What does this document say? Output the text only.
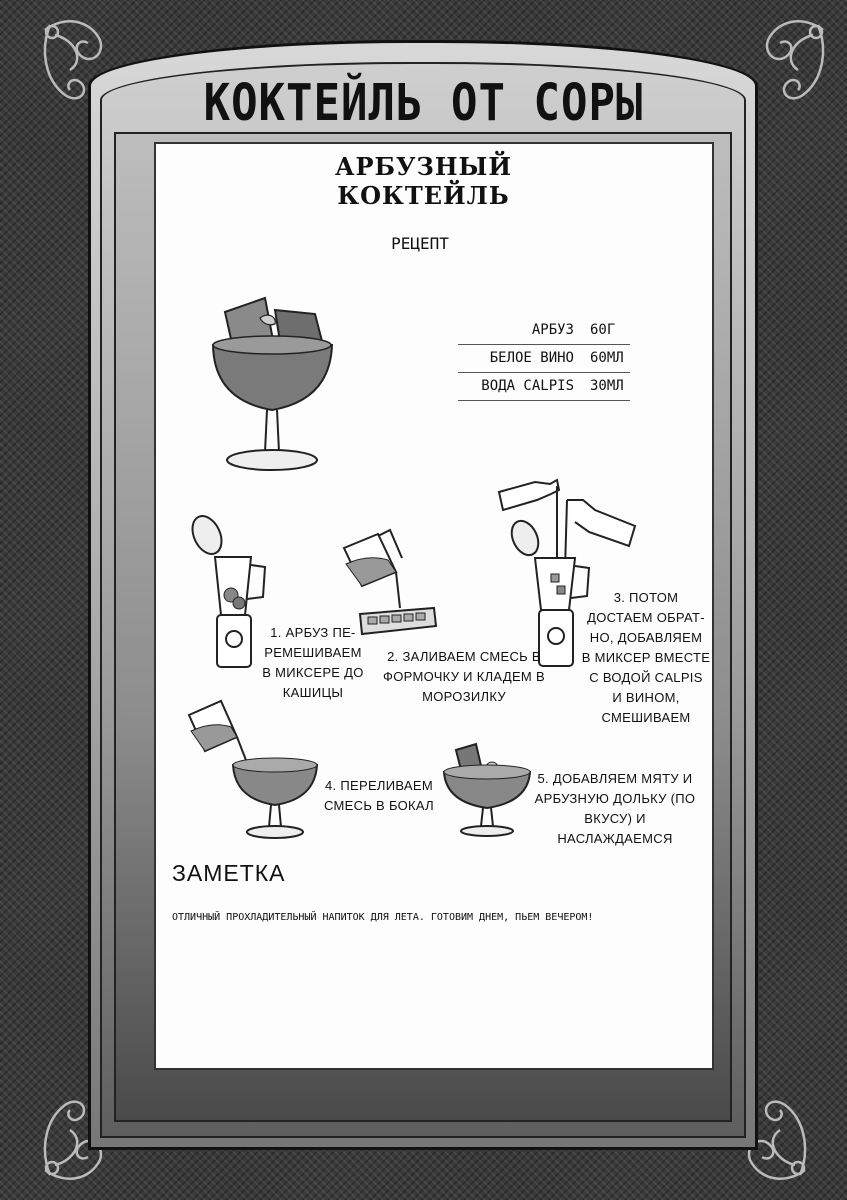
КОКТЕЙЛЬ ОТ СОРЫ
АРБУЗНЫЙ КОКТЕЙЛЬ
РЕЦЕПТ
АРБУЗ 60Г
БЕЛОЕ ВИНО 60МЛ
ВОДА CALPIS 30МЛ
1. АРБУЗ ПЕ-
РЕМЕШИВАЕМ
В МИКСЕРЕ ДО
КАШИЦЫ
2. ЗАЛИВАЕМ СМЕСЬ В
ФОРМОЧКУ И КЛАДЕМ В
МОРОЗИЛКУ
3. ПОТОМ
ДОСТАЕМ ОБРАТ-
НО, ДОБАВЛЯЕМ
В МИКСЕР ВМЕСТЕ
С ВОДОЙ CALPIS
И ВИНОМ,
СМЕШИВАЕМ
4. ПЕРЕЛИВАЕМ
СМЕСЬ В БОКАЛ
5. ДОБАВЛЯЕМ МЯТУ И
АРБУЗНУЮ ДОЛЬКУ (ПО
ВКУСУ) И НАСЛАЖДАЕМСЯ
ЗАМЕТКА
ОТЛИЧНЫЙ ПРОХЛАДИТЕЛЬНЫЙ НАПИТОК ДЛЯ ЛЕТА. ГОТОВИМ ДНЕМ, ПЬЕМ ВЕЧЕРОМ!
